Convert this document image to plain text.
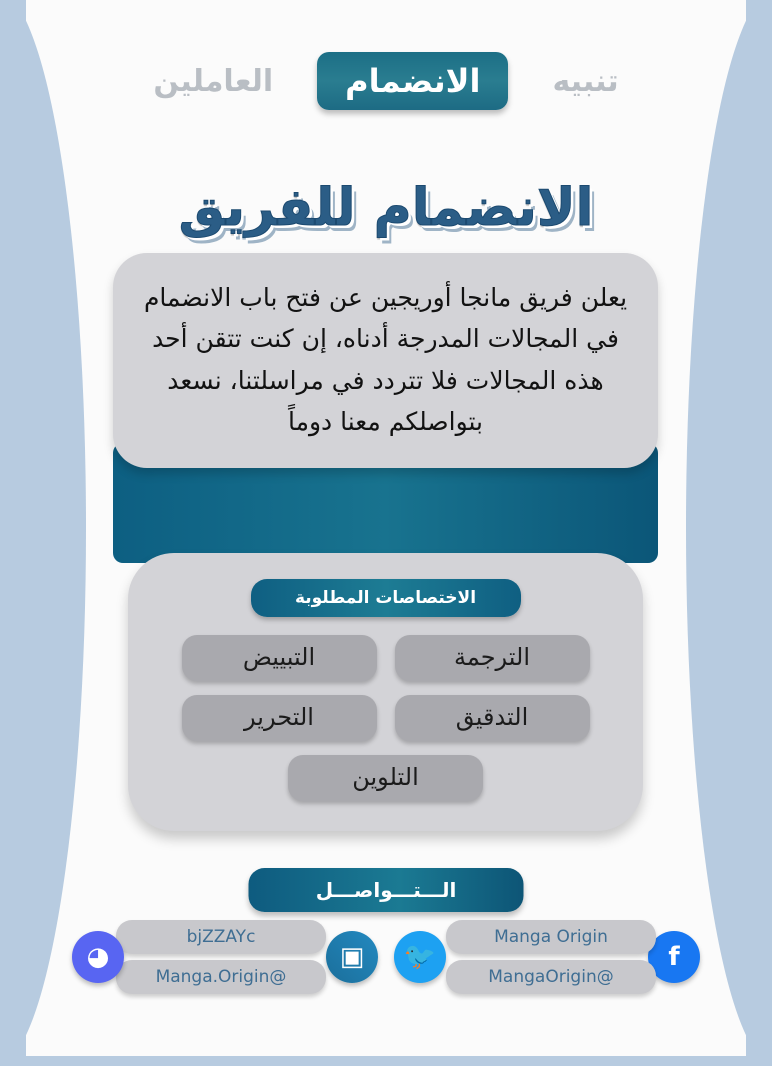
تنبيه
الانضمام
العاملين
الانضمام للفريق

يعلن فريق مانجا أوريجين عن فتح باب الانضمام في المجالات المدرجة أدناه، إن كنت تتقن أحد هذه المجالات فلا تتردد في مراسلتنا، نسعد بتواصلكم معنا دوماً

الاختصاصات المطلوبة
الترجمة
التبييض
التدقيق
التحرير
التلوين
الـــتـــواصـــل
f
Manga Origin
@MangaOrigin
🐦
▣
bjZZAYc
@Manga.Origin
◕
